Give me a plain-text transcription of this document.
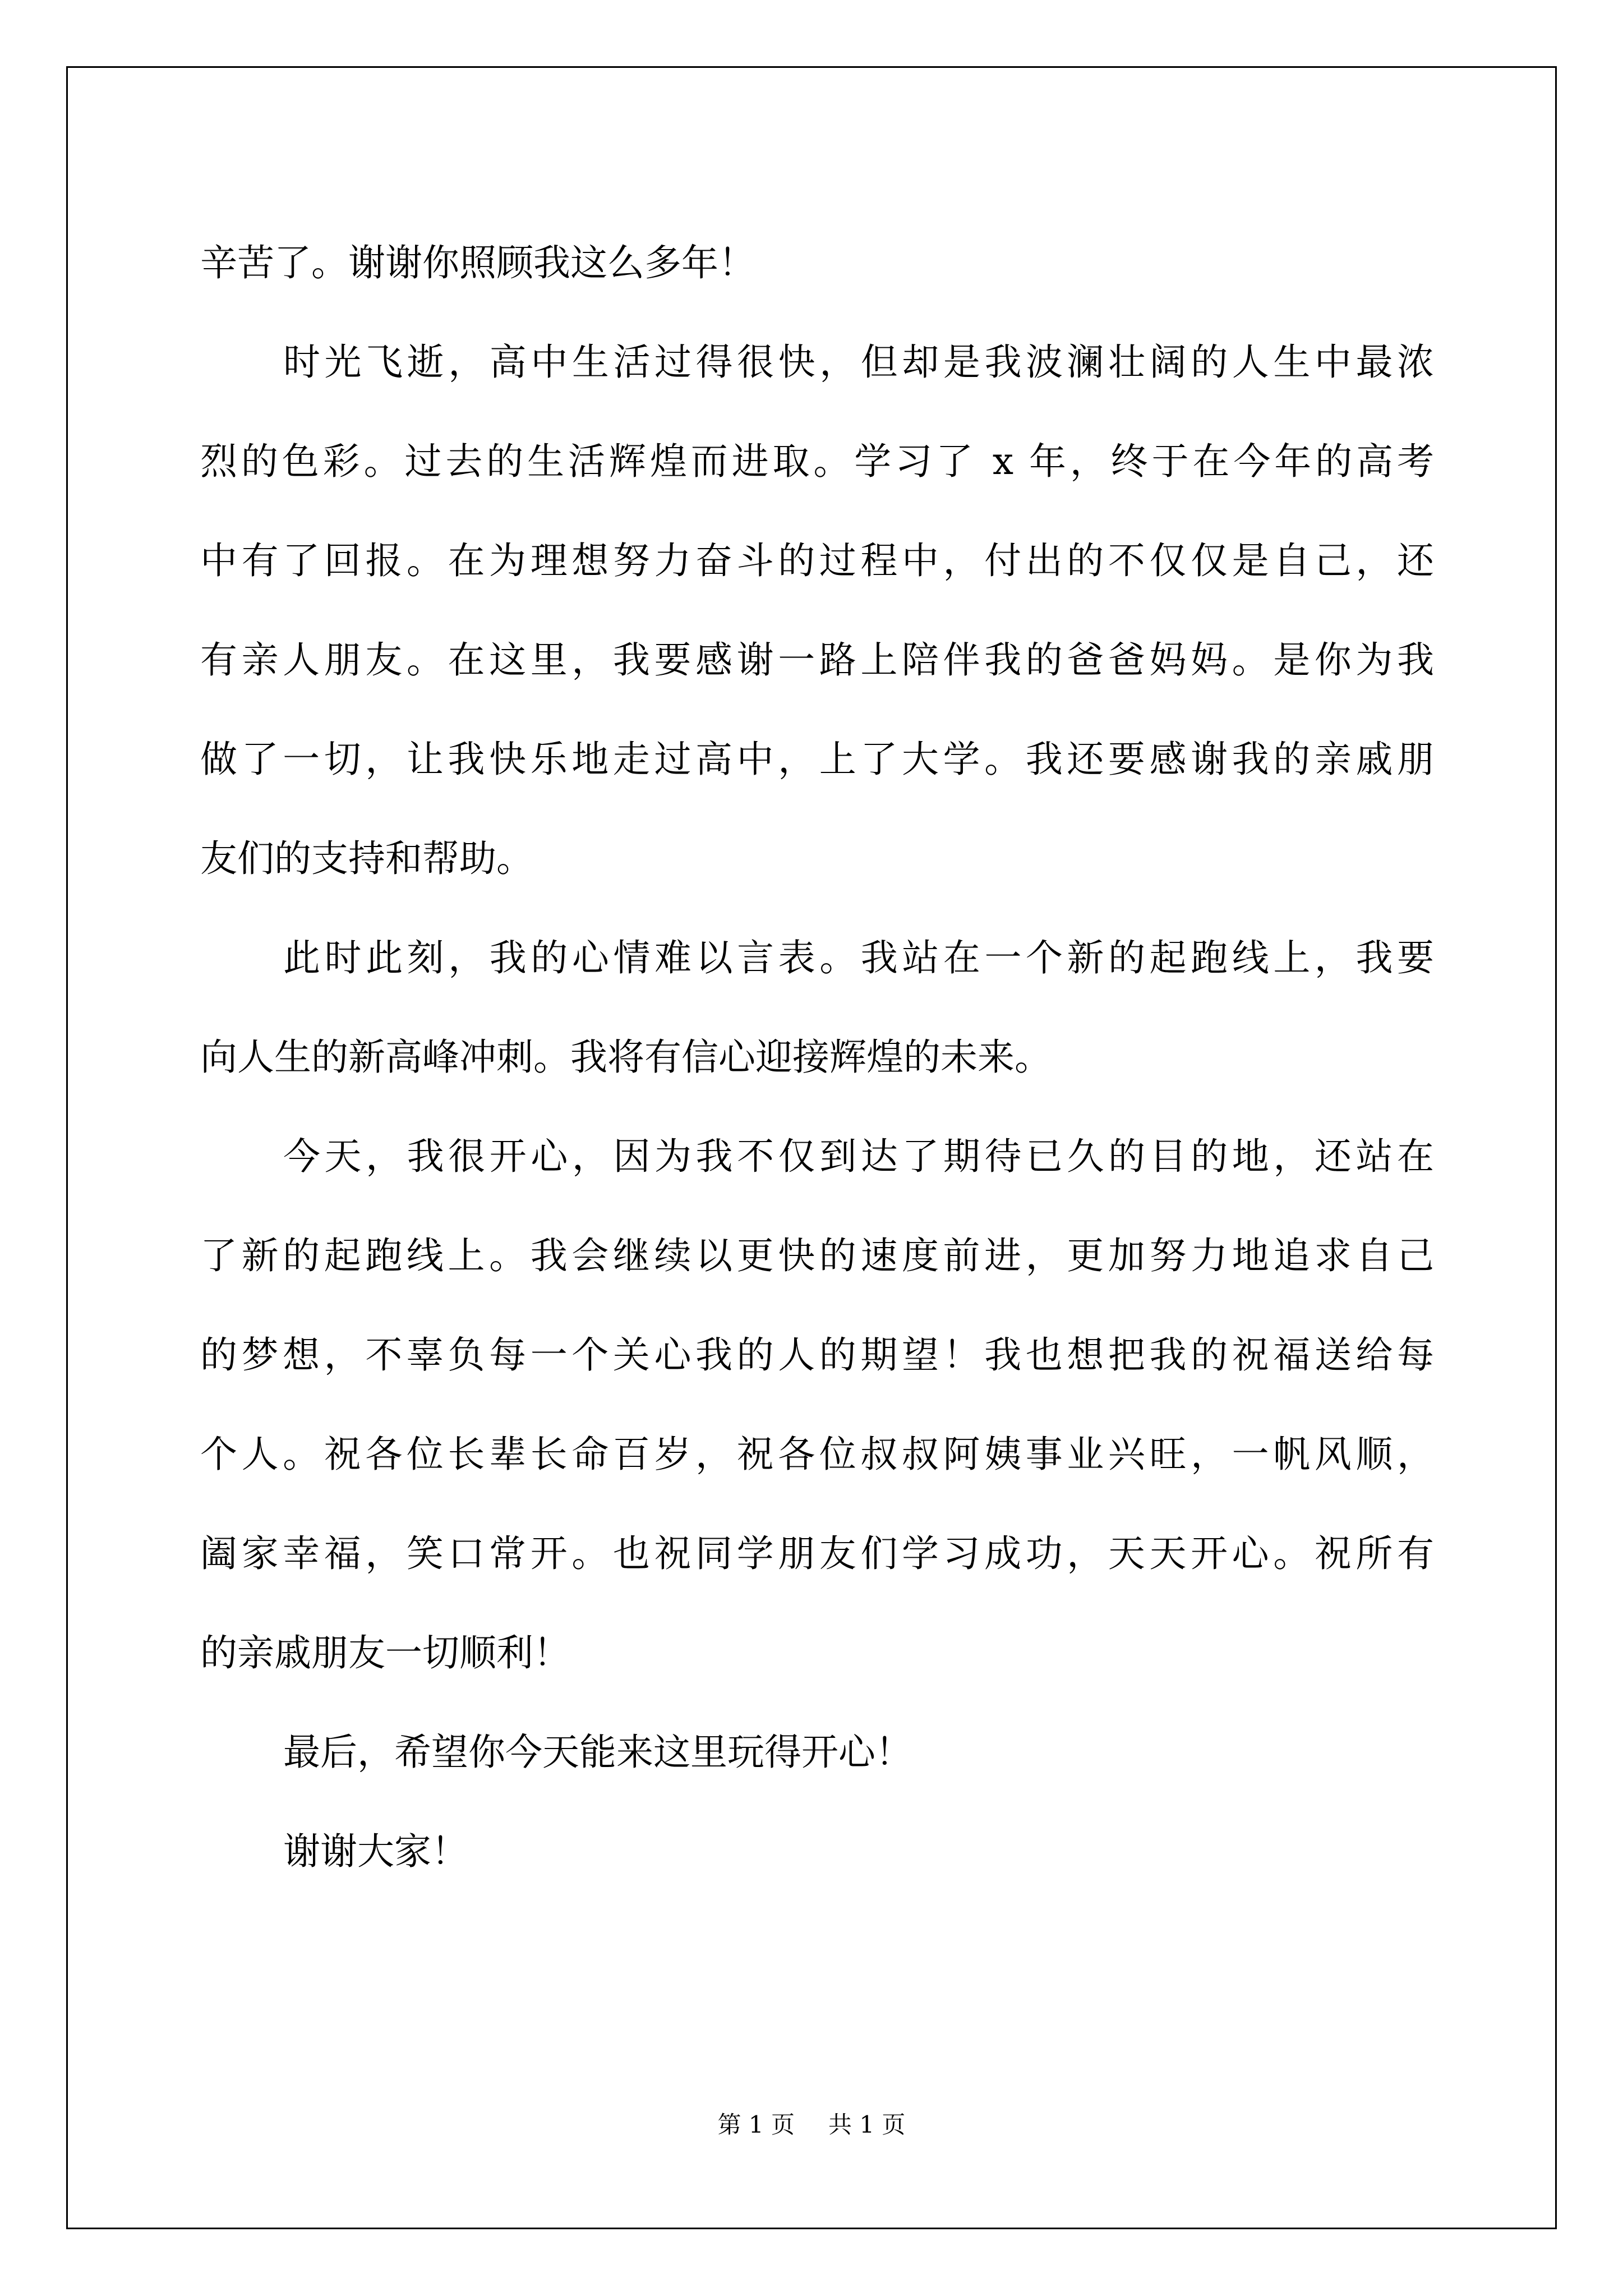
辛苦了。谢谢你照顾我这么多年！
时光飞逝，高中生活过得很快，但却是我波澜壮阔的人生中最浓
烈的色彩。过去的生活辉煌而进取。学习了 x 年，终于在今年的高考
中有了回报。在为理想努力奋斗的过程中，付出的不仅仅是自己，还
有亲人朋友。在这里，我要感谢一路上陪伴我的爸爸妈妈。是你为我
做了一切，让我快乐地走过高中，上了大学。我还要感谢我的亲戚朋
友们的支持和帮助。
此时此刻，我的心情难以言表。我站在一个新的起跑线上，我要
向人生的新高峰冲刺。我将有信心迎接辉煌的未来。
今天，我很开心，因为我不仅到达了期待已久的目的地，还站在
了新的起跑线上。我会继续以更快的速度前进，更加努力地追求自己
的梦想，不辜负每一个关心我的人的期望！我也想把我的祝福送给每
个人。祝各位长辈长命百岁，祝各位叔叔阿姨事业兴旺，一帆风顺，
阖家幸福，笑口常开。也祝同学朋友们学习成功，天天开心。祝所有
的亲戚朋友一切顺利！
最后，希望你今天能来这里玩得开心！
谢谢大家！
第 1 页 共 1 页
